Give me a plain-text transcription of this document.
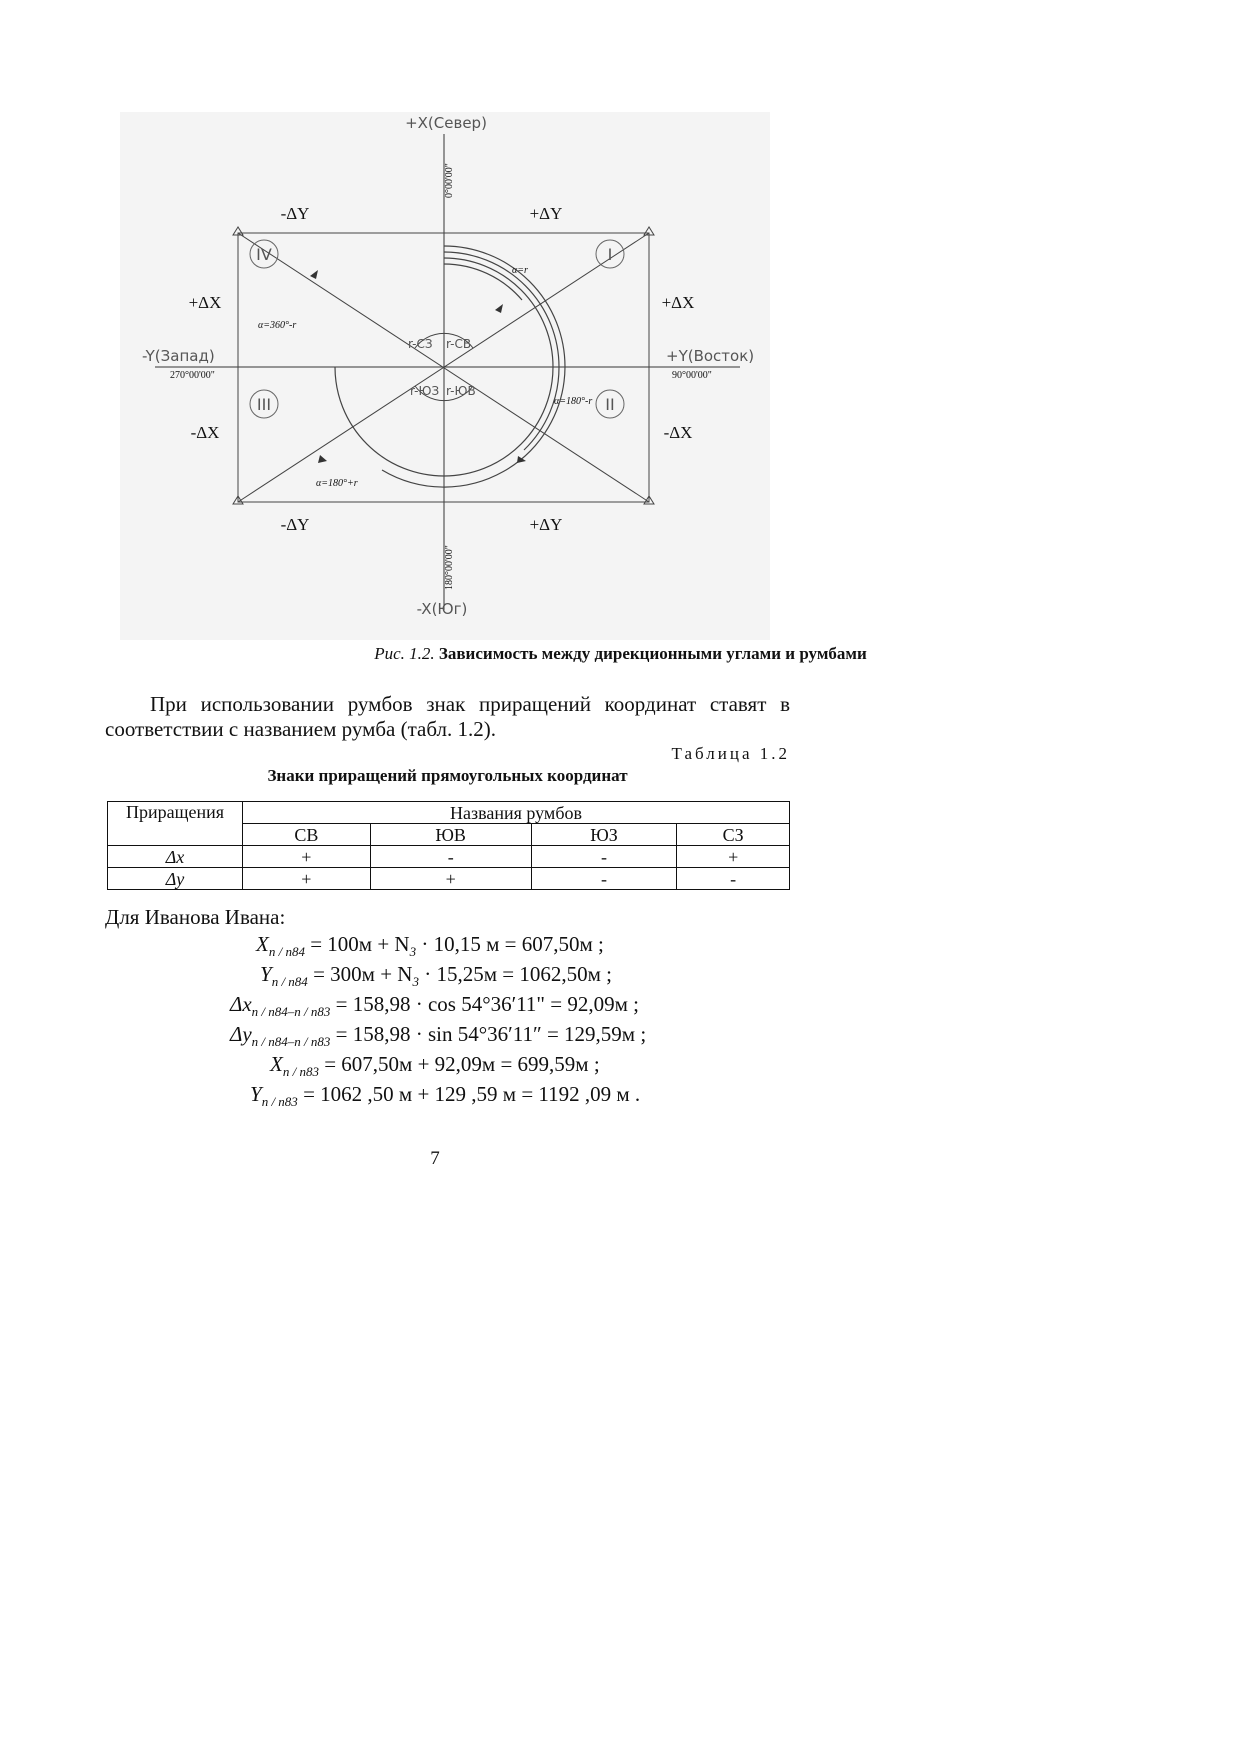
I
II
III
IV
+X(Север)
-X(Юг)
-Y(Запад)	+Y(Восток)
270°00'00"	90°00'00"
0°00'00"
180°00'00"
-ΔY	+ΔY
-ΔY	+ΔY
+ΔX	+ΔX
-ΔX	-ΔX
α=r
α=180°-r
α=180°+r
α=360°-r
r-СЗ r-СВ
r-ЮЗ r-ЮВ
Рис. 1.2. Зависимость между дирекционными углами и румбами
При использовании румбов знак приращений координат ставят в соответствии с названием румба (табл. 1.2).
Таблица 1.2
Знаки приращений прямоугольных координат
Приращения	Названия румбов			
	СВ	ЮВ	ЮЗ	СЗ
Δx	+	-	-	+
Δy	+	+	-	-
Для Иванова Ивана:
$X_{п / п84} = 100м + N_3 \cdot 10,15$ м = 607,50м ;
$Y_{п / п84} = 300м + N_3 \cdot 15,25м = 1062,50м$ ;
$\Delta x_{п / п84-п / п83} = 158,98 \cdot \cos 54^\circ 36'11$" = 92,09м ;
$\Delta y_{п / п84-п / п83} = 158,98 \cdot \sin 54^\circ 36'11'' = 129,59м$ ;
$X_{п / п83} = 607,50м + 92,09м = 699,59м$ ;
$Y_{п / п83} = 1062$ ,50 м + 129 ,59 м = 1192 ,09 м .
7
